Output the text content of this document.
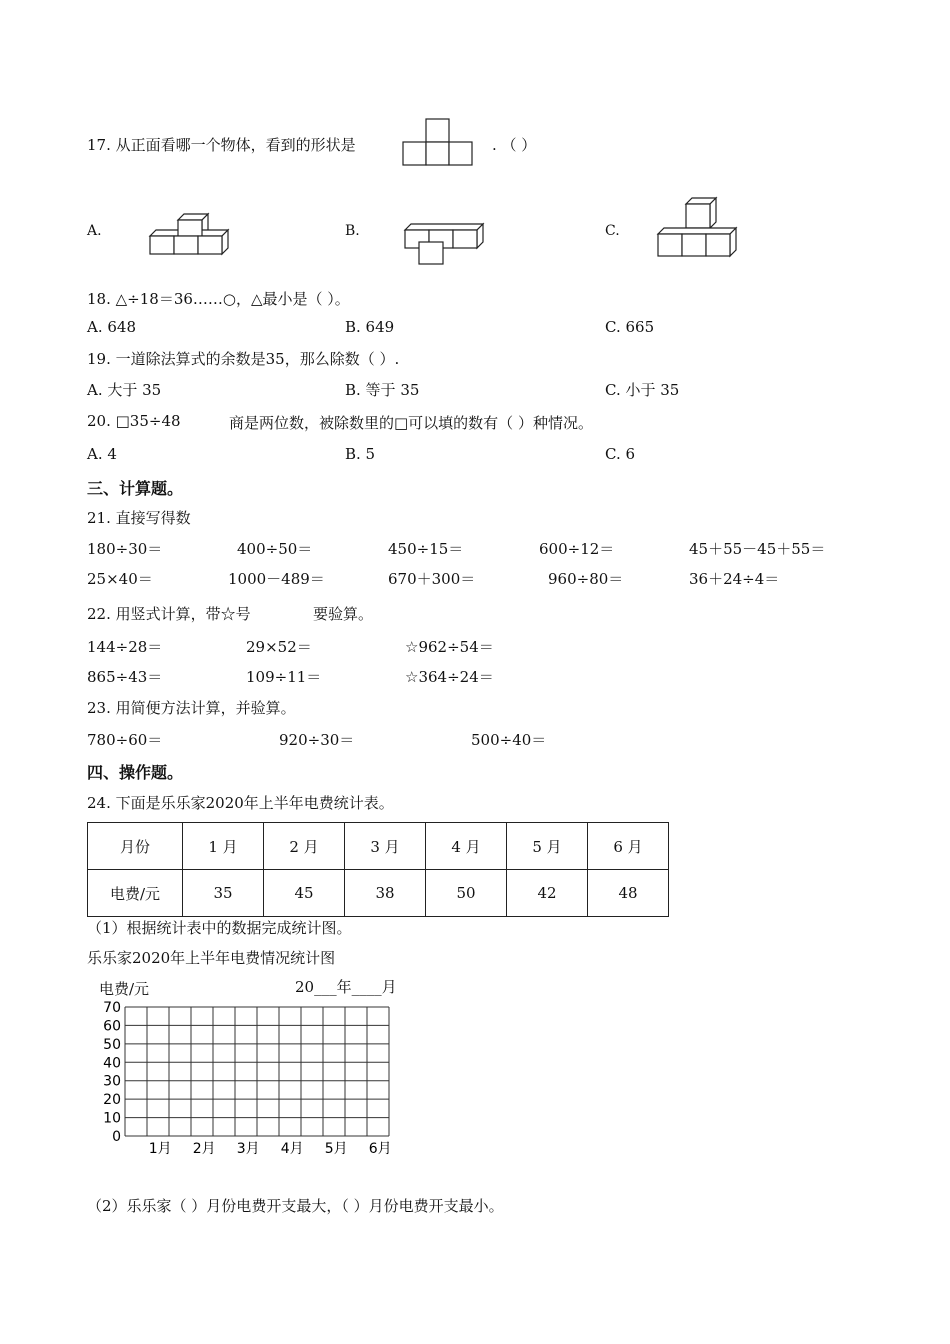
17. 从正面看哪一个物体，看到的形状是	. （ ）
A.	B.	C.
18. △÷18＝36……○，△最小是（ ）。
A. 648	B. 649	C. 665
19. 一道除法算式的余数是35，那么除数（ ）.
A. 大于 35	B. 等于 35	C. 小于 35
20. □35÷48	商是两位数，被除数里的□可以填的数有（ ）种情况。
A. 4	B. 5	C. 6
三、计算题。
21. 直接写得数
180÷30＝	400÷50＝	450÷15＝	600÷12＝	45＋55－45＋55＝
25×40＝	1000－489＝	670＋300＝	960÷80＝	36＋24÷4＝
22. 用竖式计算，带☆号	要验算。
144÷28＝	29×52＝	☆962÷54＝
865÷43＝	109÷11＝	☆364÷24＝
23. 用简便方法计算，并验算。
780÷60＝	920÷30＝	500÷40＝
四、操作题。
24. 下面是乐乐家2020年上半年电费统计表。
月份	1 月	2 月	3 月	4 月	5 月	6 月
电费/元	35	45	38	50	42	48
（1）根据统计表中的数据完成统计图。
乐乐家2020年上半年电费情况统计图
电费/元	20___年____月
70
60
50
40
30
20
10
0
1月 2月 3月 4月 5月 6月
（2）乐乐家（ ）月份电费开支最大，（ ）月份电费开支最小。
